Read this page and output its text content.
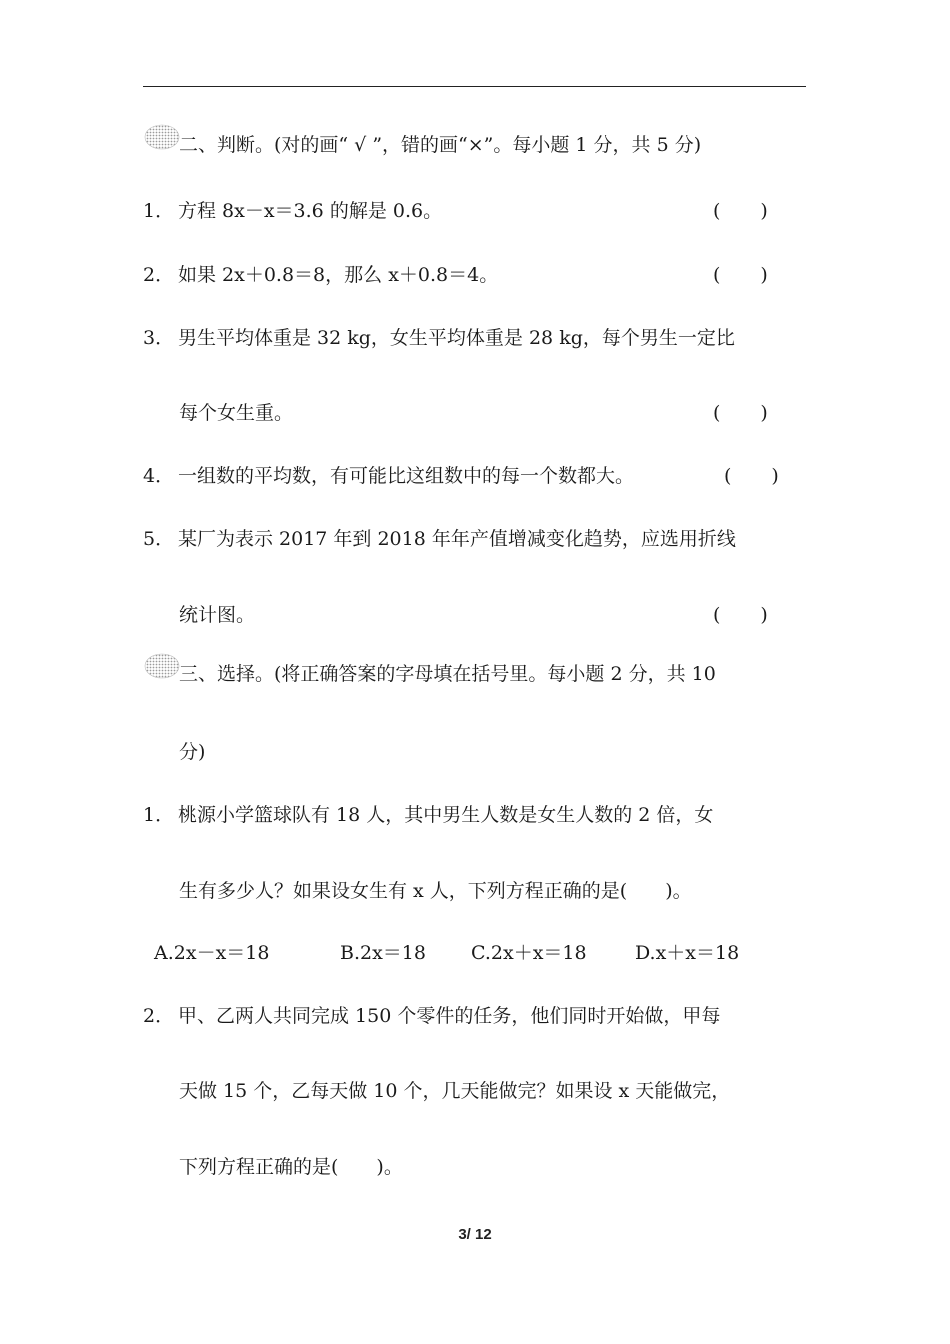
二、判断。(对的画“ √ ”，错的画“×”。每小题 1 分，共 5 分)
1． 方程 8x－x＝3.6 的解是 0.6。	( )
2． 如果 2x＋0.8＝8，那么 x＋0.8＝4。	( )
3． 男生平均体重是 32 kg，女生平均体重是 28 kg，每个男生一定比
每个女生重。	( )
4． 一组数的平均数，有可能比这组数中的每一个数都大。	( )
5． 某厂为表示 2017 年到 2018 年年产值增减变化趋势，应选用折线
统计图。	( )
三、选择。(将正确答案的字母填在括号里。每小题 2 分，共 10
分)
1． 桃源小学篮球队有 18 人，其中男生人数是女生人数的 2 倍，女
生有多少人？如果设女生有 x 人，下列方程正确的是(　　)。
A.2x－x＝18	B.2x＝18 C.2x＋x＝18	D.x＋x＝18
2． 甲、乙两人共同完成 150 个零件的任务，他们同时开始做，甲每
天做 15 个，乙每天做 10 个，几天能做完？如果设 x 天能做完，
下列方程正确的是(　　)。
3/ 12
